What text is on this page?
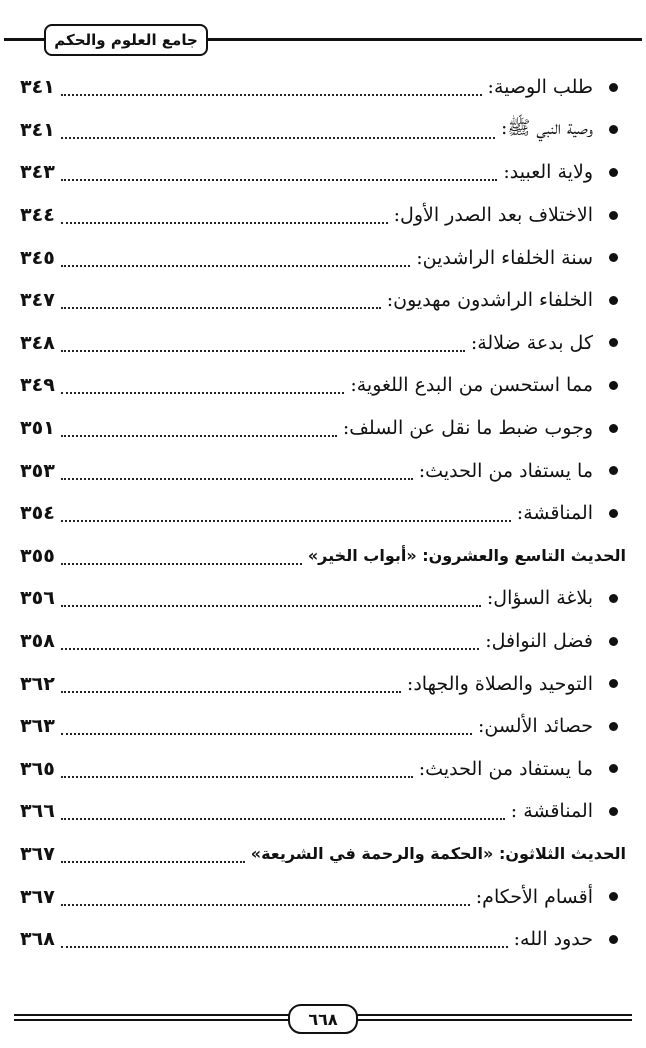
جامع العلوم والحكم
طلب الوصية:
٣٤١
وصية النبي ﷺ:
٣٤١
ولاية العبيد:
٣٤٣
الاختلاف بعد الصدر الأول:
٣٤٤
سنة الخلفاء الراشدين:
٣٤٥
الخلفاء الراشدون مهديون:
٣٤٧
كل بدعة ضلالة:
٣٤٨
مما استحسن من البدع اللغوية:
٣٤٩
وجوب ضبط ما نقل عن السلف:
٣٥١
ما يستفاد من الحديث:
٣٥٣
المناقشة:
٣٥٤
الحديث التاسع والعشرون: «أبواب الخير»
٣٥٥
بلاغة السؤال:
٣٥٦
فضل النوافل:
٣٥٨
التوحيد والصلاة والجهاد:
٣٦٢
حصائد الألسن:
٣٦٣
ما يستفاد من الحديث:
٣٦٥
المناقشة :
٣٦٦
الحديث الثلاثون: «الحكمة والرحمة في الشريعة»
٣٦٧
أقسام الأحكام:
٣٦٧
حدود الله:
٣٦٨
٦٦٨
